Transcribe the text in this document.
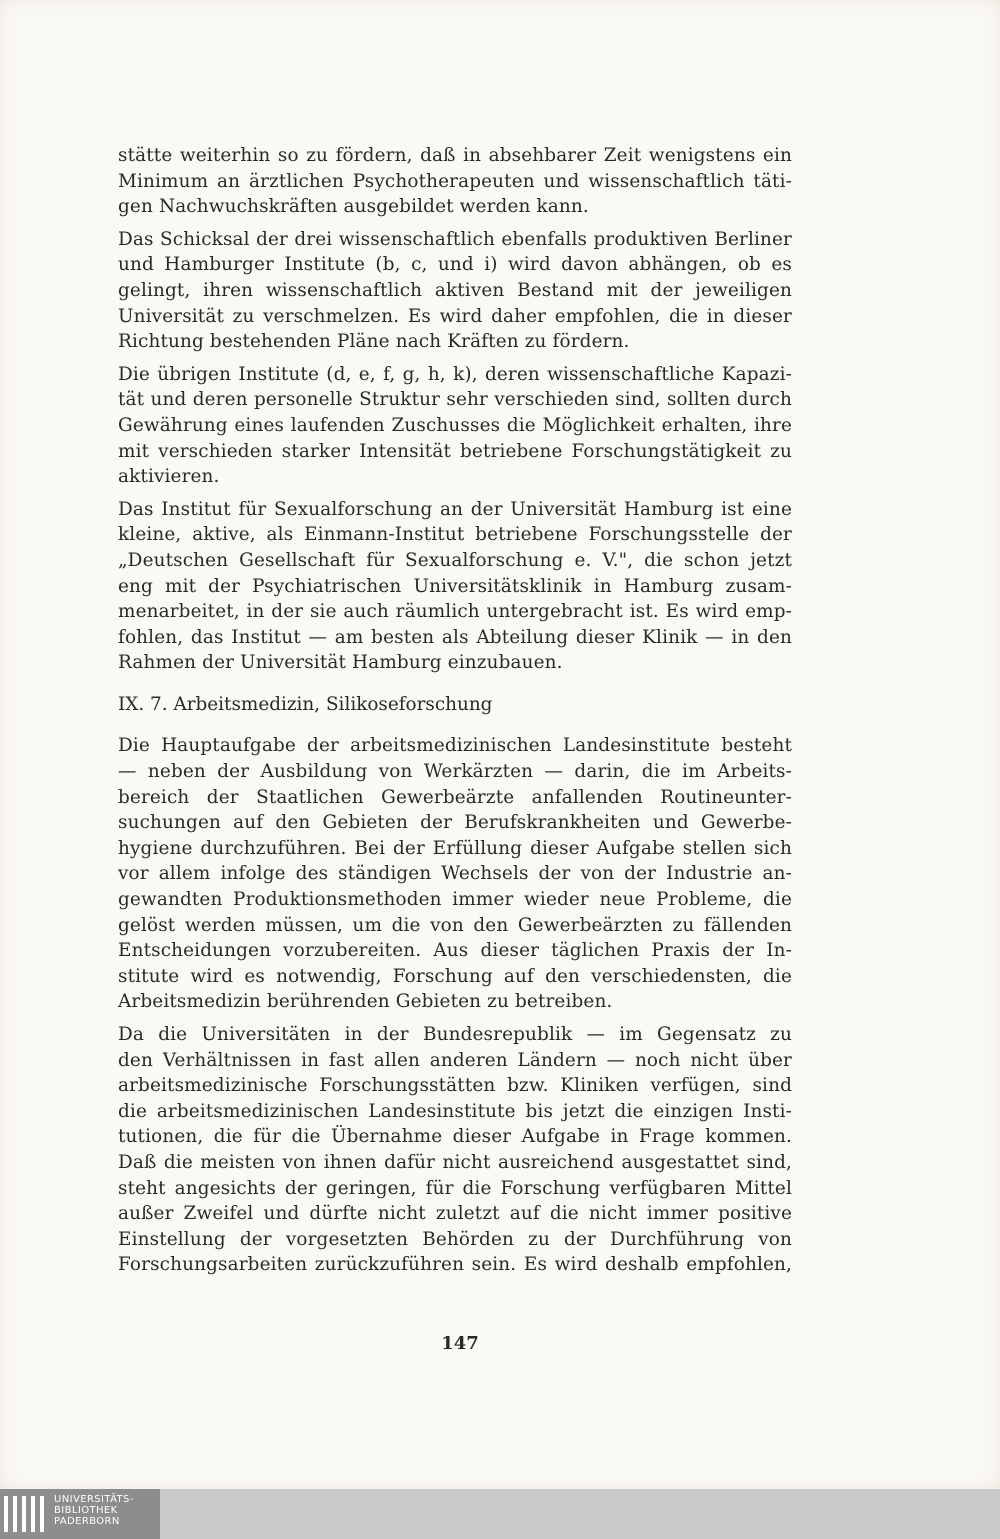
stätte weiterhin so zu fördern, daß in absehbarer Zeit wenigstens ein
Minimum an ärztlichen Psychotherapeuten und wissenschaftlich täti-
gen Nachwuchskräften ausgebildet werden kann.

Das Schicksal der drei wissenschaftlich ebenfalls produktiven Berliner
und Hamburger Institute (b, c, und i) wird davon abhängen, ob es
gelingt, ihren wissenschaftlich aktiven Bestand mit der jeweiligen
Universität zu verschmelzen. Es wird daher empfohlen, die in dieser
Richtung bestehenden Pläne nach Kräften zu fördern.

Die übrigen Institute (d, e, f, g, h, k), deren wissenschaftliche Kapazi-
tät und deren personelle Struktur sehr verschieden sind, sollten durch
Gewährung eines laufenden Zuschusses die Möglichkeit erhalten, ihre
mit verschieden starker Intensität betriebene Forschungstätigkeit zu
aktivieren.

Das Institut für Sexualforschung an der Universität Hamburg ist eine
kleine, aktive, als Einmann-Institut betriebene Forschungsstelle der
„Deutschen Gesellschaft für Sexualforschung e. V.", die schon jetzt
eng mit der Psychiatrischen Universitätsklinik in Hamburg zusam-
menarbeitet, in der sie auch räumlich untergebracht ist. Es wird emp-
fohlen, das Institut — am besten als Abteilung dieser Klinik — in den
Rahmen der Universität Hamburg einzubauen.

IX. 7. Arbeitsmedizin, Silikoseforschung

Die Hauptaufgabe der arbeitsmedizinischen Landesinstitute besteht
— neben der Ausbildung von Werkärzten — darin, die im Arbeits-
bereich der Staatlichen Gewerbeärzte anfallenden Routineunter-
suchungen auf den Gebieten der Berufskrankheiten und Gewerbe-
hygiene durchzuführen. Bei der Erfüllung dieser Aufgabe stellen sich
vor allem infolge des ständigen Wechsels der von der Industrie an-
gewandten Produktionsmethoden immer wieder neue Probleme, die
gelöst werden müssen, um die von den Gewerbeärzten zu fällenden
Entscheidungen vorzubereiten. Aus dieser täglichen Praxis der In-
stitute wird es notwendig, Forschung auf den verschiedensten, die
Arbeitsmedizin berührenden Gebieten zu betreiben.

Da die Universitäten in der Bundesrepublik — im Gegensatz zu
den Verhältnissen in fast allen anderen Ländern — noch nicht über
arbeitsmedizinische Forschungsstätten bzw. Kliniken verfügen, sind
die arbeitsmedizinischen Landesinstitute bis jetzt die einzigen Insti-
tutionen, die für die Übernahme dieser Aufgabe in Frage kommen.
Daß die meisten von ihnen dafür nicht ausreichend ausgestattet sind,
steht angesichts der geringen, für die Forschung verfügbaren Mittel
außer Zweifel und dürfte nicht zuletzt auf die nicht immer positive
Einstellung der vorgesetzten Behörden zu der Durchführung von
Forschungsarbeiten zurückzuführen sein. Es wird deshalb empfohlen,

147
UNIVERSITÄTS-
BIBLIOTHEK
PADERBORN
